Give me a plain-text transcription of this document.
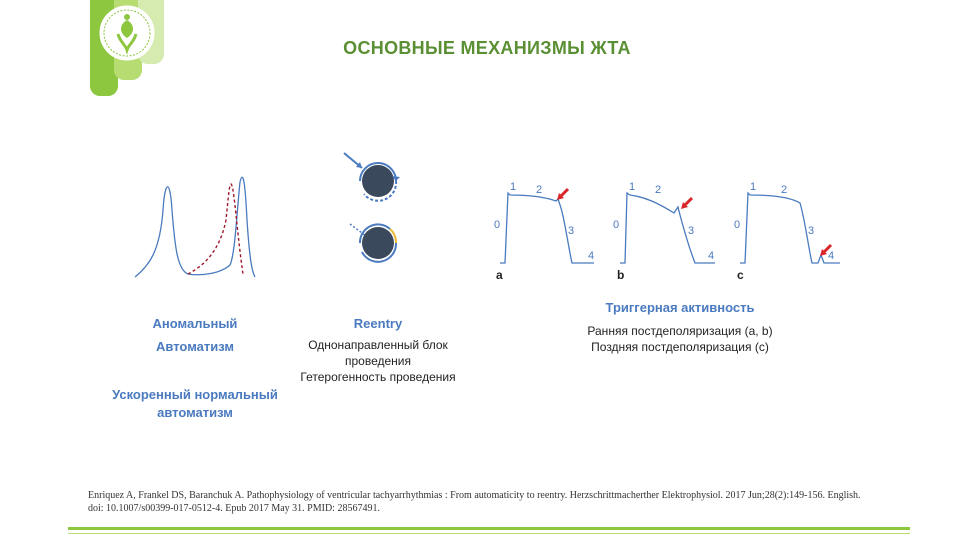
ОСНОВНЫЕ МЕХАНИЗМЫ ЖТА
0
1 2
3
4
0
1 2
3
4
0
1 2
3
4
a	b	c
Аномальный
Автоматизм
Ускоренный нормальный
автоматизм
Reentry
Однонаправленный блок
проведения
Гетерогенность проведения
Триггерная активность
Ранняя постдеполяризация (a, b)
Поздняя постдеполяризация (c)
Enriquez A, Frankel DS, Baranchuk A. Pathophysiology of ventricular tachyarrhythmias : From automaticity to reentry. Herzschrittmacherther Elektrophysiol. 2017 Jun;28(2):149-156. English. doi: 10.1007/s00399-017-0512-4. Epub 2017 May 31. PMID: 28567491.
